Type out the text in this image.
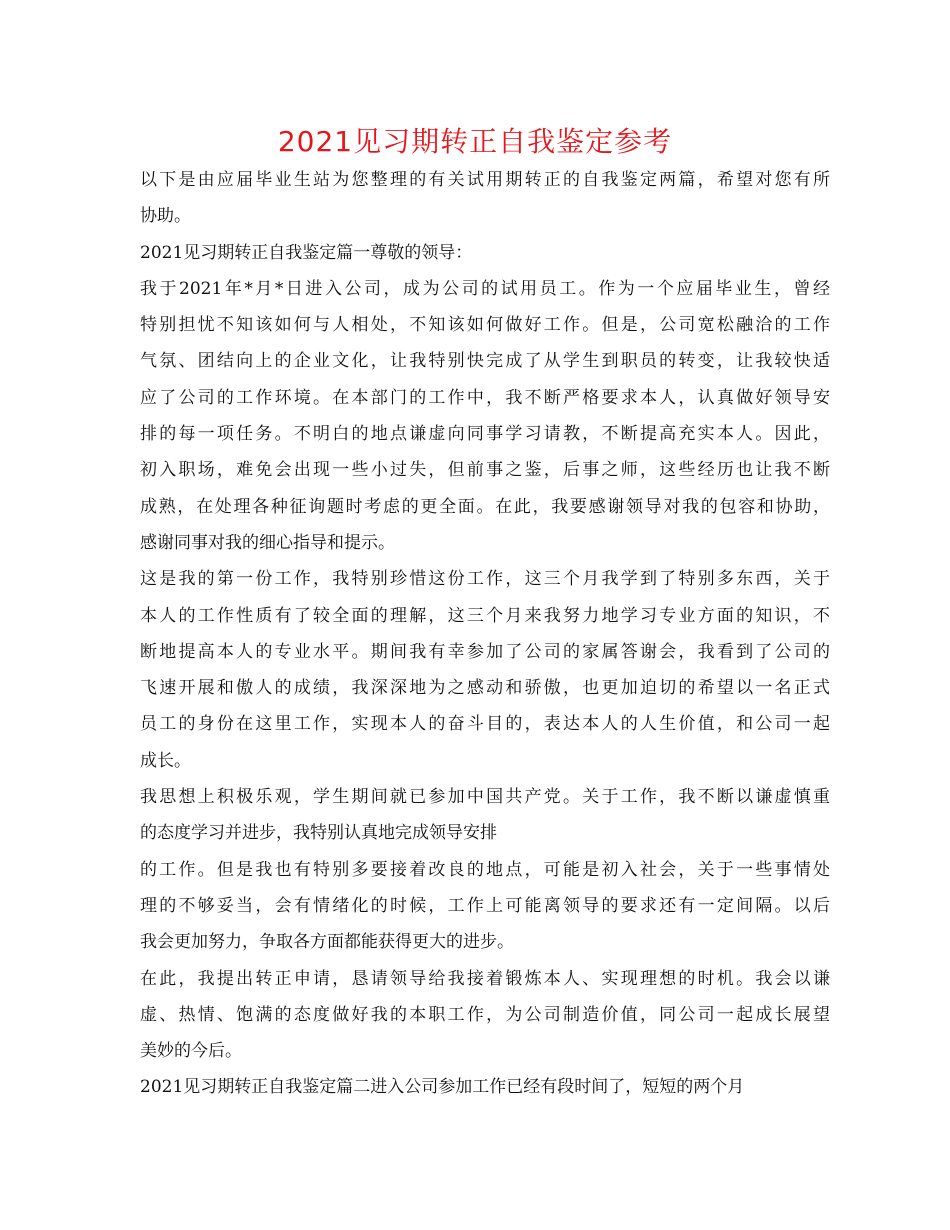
2021见习期转正自我鉴定参考
以下是由应届毕业生站为您整理的有关试用期转正的自我鉴定两篇，希望对您有所
协助。
2021见习期转正自我鉴定篇一尊敬的领导：
我于2021年*月*日进入公司，成为公司的试用员工。作为一个应届毕业生，曾经
特别担忧不知该如何与人相处，不知该如何做好工作。但是，公司宽松融洽的工作
气氛、团结向上的企业文化，让我特别快完成了从学生到职员的转变，让我较快适
应了公司的工作环境。在本部门的工作中，我不断严格要求本人，认真做好领导安
排的每一项任务。不明白的地点谦虚向同事学习请教，不断提高充实本人。因此，
初入职场，难免会出现一些小过失，但前事之鉴，后事之师，这些经历也让我不断
成熟，在处理各种征询题时考虑的更全面。在此，我要感谢领导对我的包容和协助，
感谢同事对我的细心指导和提示。
这是我的第一份工作，我特别珍惜这份工作，这三个月我学到了特别多东西，关于
本人的工作性质有了较全面的理解，这三个月来我努力地学习专业方面的知识，不
断地提高本人的专业水平。期间我有幸参加了公司的家属答谢会，我看到了公司的
飞速开展和傲人的成绩，我深深地为之感动和骄傲，也更加迫切的希望以一名正式
员工的身份在这里工作，实现本人的奋斗目的，表达本人的人生价值，和公司一起
成长。
我思想上积极乐观，学生期间就已参加中国共产党。关于工作，我不断以谦虚慎重
的态度学习并进步，我特别认真地完成领导安排
的工作。但是我也有特别多要接着改良的地点，可能是初入社会，关于一些事情处
理的不够妥当，会有情绪化的时候，工作上可能离领导的要求还有一定间隔。以后
我会更加努力，争取各方面都能获得更大的进步。
在此，我提出转正申请，恳请领导给我接着锻炼本人、实现理想的时机。我会以谦
虚、热情、饱满的态度做好我的本职工作，为公司制造价值，同公司一起成长展望
美妙的今后。
2021见习期转正自我鉴定篇二进入公司参加工作已经有段时间了，短短的两个月
